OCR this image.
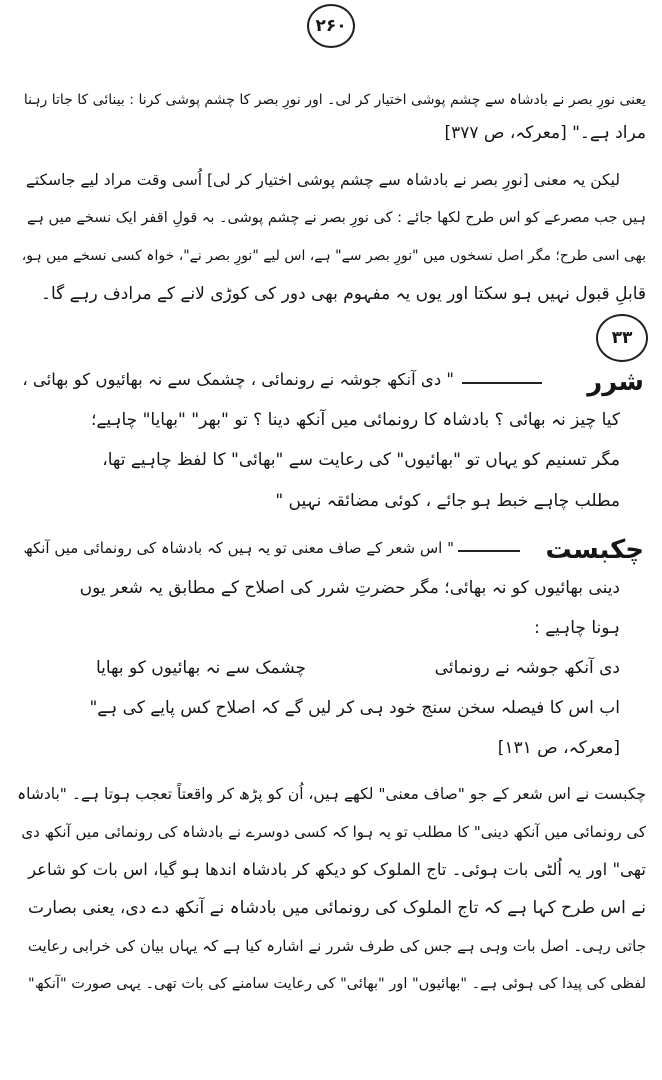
۲۶۰
یعنی نورِ بصر نے بادشاہ سے چشم پوشی اختیار کر لی۔ اور نورِ بصر کا چشم پوشی کرنا : بینائی کا جاتا رہنا
مراد ہے۔" [معرکہ، ص ۳۷۷]
لیکن یہ معنی [نورِ بصر نے بادشاہ سے چشم پوشی اختیار کر لی] اُسی وقت مراد لیے جاسکتے
ہیں جب مصرعے کو اس طرح لکھا جائے : کی نورِ بصر نے چشم پوشی۔ بہ قولِ اقفر ایک نسخے میں ہے
بھی اسی طرح؛ مگر اصل نسخوں میں "نورِ بصر سے" ہے، اس لیے "نورِ بصر نے"، خواہ کسی نسخے میں ہو،
قابلِ قبول نہیں ہو سکتا اور یوں یہ مفہوم بھی دور کی کوڑی لانے کے مرادف رہے گا۔
۳۳
شرر
" دی آنکھ جوشہ نے رونمائی ، چشمک سے نہ بھائیوں کو بھائی ،
کیا چیز نہ بھائی ؟ بادشاہ کا رونمائی میں آنکھ دینا ؟ تو "بھر" "بھایا" چاہیے؛
مگر تسنیم کو یہاں تو "بھائیوں" کی رعایت سے "بھائی" کا لفظ چاہیے تھا،
مطلب چاہے خبط ہو جائے ، کوئی مضائقہ نہیں "
چکبست
" اس شعر کے صاف معنی تو یہ ہیں کہ بادشاہ کی رونمائی میں آنکھ
دینی بھائیوں کو نہ بھائی؛ مگر حضرتِ شرر کی اصلاح کے مطابق یہ شعر یوں
ہونا چاہیے :
دی آنکھ جوشہ نے رونمائی
چشمک سے نہ بھائیوں کو بھایا
اب اس کا فیصلہ سخن سنج خود ہی کر لیں گے کہ اصلاح کس پایے کی ہے"
[معرکہ، ص ۱۳۱]
چکبست نے اس شعر کے جو "صاف معنی" لکھے ہیں، اُن کو پڑھ کر واقعتاً تعجب ہوتا ہے۔ "بادشاہ
کی رونمائی میں آنکھ دینی" کا مطلب تو یہ ہوا کہ کسی دوسرے نے بادشاہ کی رونمائی میں آنکھ دی
تھی" اور یہ اُلٹی بات ہوئی۔ تاج الملوک کو دیکھ کر بادشاہ اندھا ہو گیا، اس بات کو شاعر
نے اس طرح کہا ہے کہ تاج الملوک کی رونمائی میں بادشاہ نے آنکھ دے دی، یعنی بصارت
جاتی رہی۔ اصل بات وہی ہے جس کی طرف شرر نے اشارہ کیا ہے کہ یہاں بیان کی خرابی رعایت
لفظی کی پیدا کی ہوئی ہے۔ "بھائیوں" اور "بھائی" کی رعایت سامنے کی بات تھی۔ یہی صورت "آنکھ"
